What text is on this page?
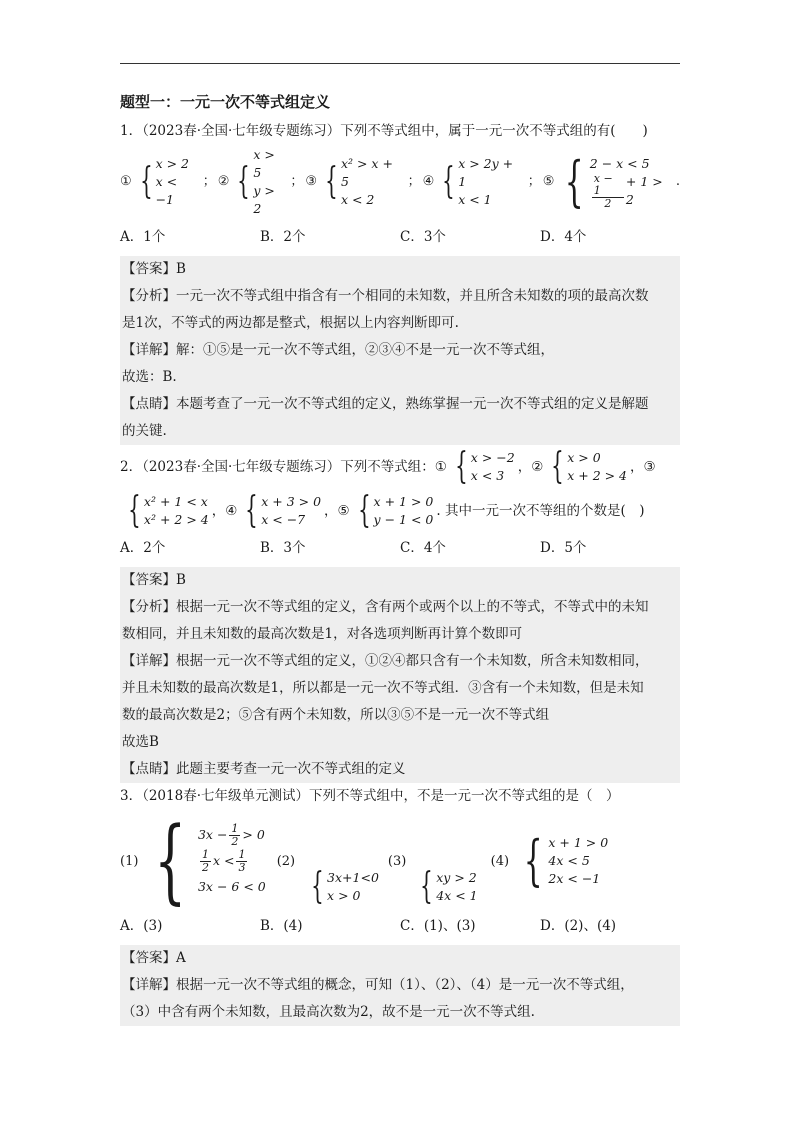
题型一：一元一次不等式组定义
1．（2023春·全国·七年级专题练习）下列不等式组中，属于一元一次不等式组的有(　　)
① { x > 2
x < −1
； ② {
x > 5
y > 2
； ③ { x² > x + 5
x < 2
； ④ { x > 2y + 1
x < 1
； ⑤ { 2 − x < 5
$\frac{x - 1}{2} + 1 > 2$
.
A．1个	B．2个	C．3个	D．4个
【答案】B
【分析】一元一次不等式组中指含有一个相同的未知数，并且所含未知数的项的最高次数
是1次，不等式的两边都是整式，根据以上内容判断即可.
【详解】解：①⑤是一元一次不等式组，②③④不是一元一次不等式组，
故选：B.
【点睛】本题考查了一元一次不等式组的定义，熟练掌握一元一次不等式组的定义是解题
的关键.
2．（2023春·全国·七年级专题练习）下列不等式组： ① { x > −2
x < 3
， ② { x > 0
x + 2 > 4
， ③
{ x² + 1 < x
x² + 2 > 4
， ④ { x + 3 > 0
x < −7
， ⑤ { x + 1 > 0
y − 1 < 0
. 其中一元一次不等组的个数是(　)
A．2个	B．3个	C．4个	D．5个
【答案】B
【分析】根据一元一次不等式组的定义，含有两个或两个以上的不等式，不等式中的未知
数相同，并且未知数的最高次数是1，对各选项判断再计算个数即可
【详解】根据一元一次不等式组的定义，①②④都只含有一个未知数，所含未知数相同，
并且未知数的最高次数是1，所以都是一元一次不等式组．③含有一个未知数，但是未知
数的最高次数是2；⑤含有两个未知数，所以③⑤不是一元一次不等式组
故选B
【点睛】此题主要考查一元一次不等式组的定义
3．（2018春·七年级单元测试）下列不等式组中，不是一元一次不等式组的是（　）
(1) { $3x - \frac{1}{2} > 0$
$\frac{1}{2}$ $x < \frac{1}{3}$
3x − 6 < 0
(2)
{ 3x+1<0
x > 0
(3)
{ xy > 2
4x < 1
(4) { x + 1 > 0
4x < 5
2x < −1
A．(3)	B．(4)	C．(1)、(3)	D．(2)、(4)
【答案】A
【详解】根据一元一次不等式组的概念，可知（1）、（2）、（4）是一元一次不等式组，
（3）中含有两个未知数，且最高次数为2，故不是一元一次不等式组.
